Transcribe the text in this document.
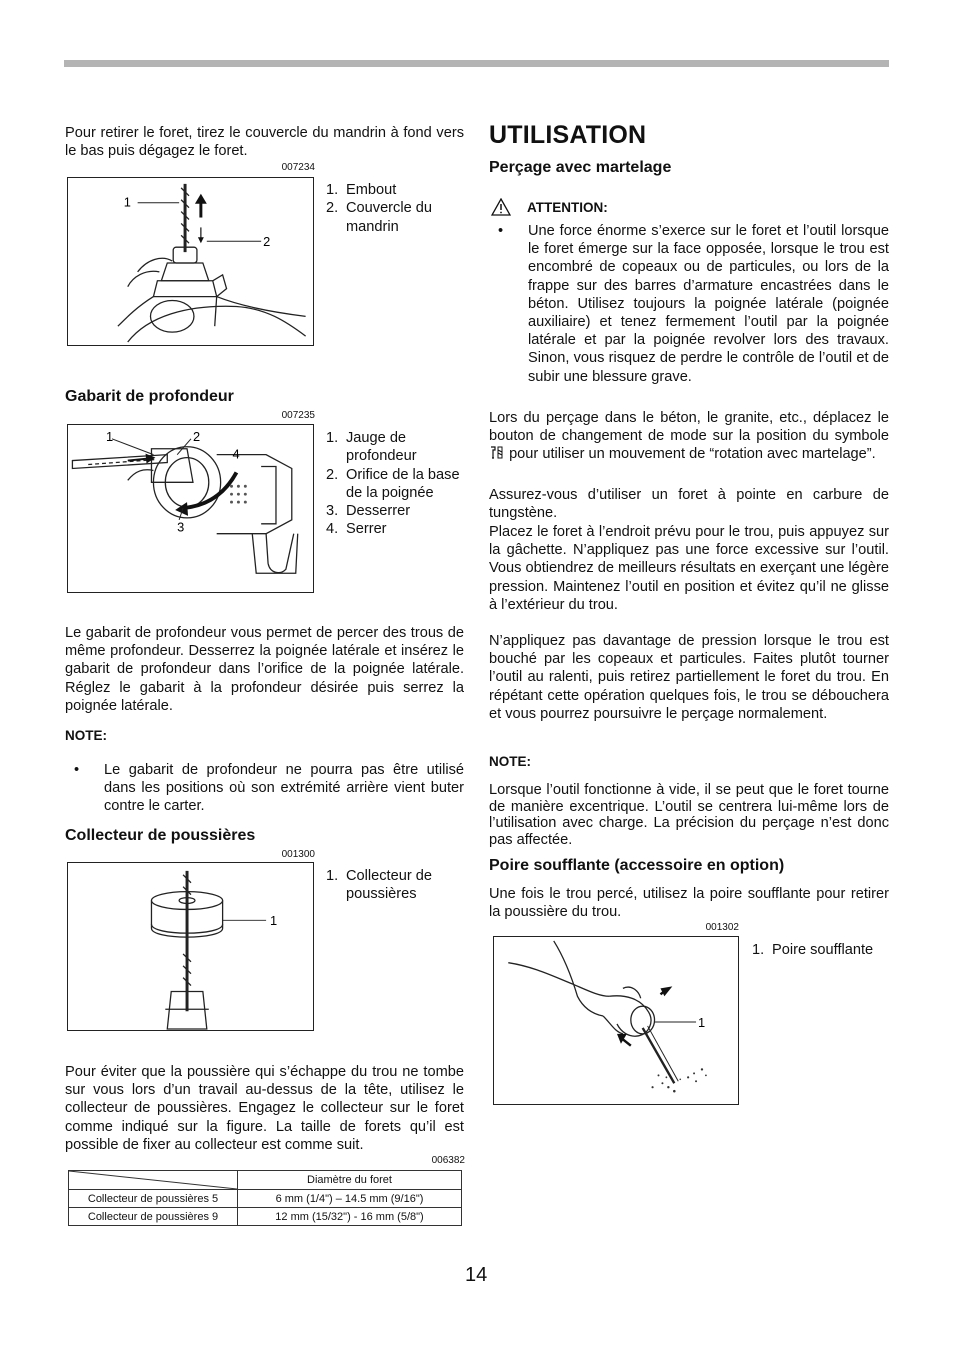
Pour retirer le foret, tirez le couvercle du mandrin à fond vers le bas puis dégagez le foret.

007234
1
2
1. Embout
2. Couvercle du mandrin
Gabarit de profondeur
007235
1	2
3
4
1. Jauge de profondeur
2. Orifice de la base de la poignée
3. Desserrer
4. Serrer

Le gabarit de profondeur vous permet de percer des trous de même profondeur. Desserrez la poignée latérale et insérez le gabarit de profondeur dans l’orifice de la poignée latérale. Réglez le gabarit à la profondeur désirée puis serrez la poignée latérale.

NOTE:
• Le gabarit de profondeur ne pourra pas être utilisé dans les positions où son extrémité arrière vient buter contre le carter.
Collecteur de poussières
001300
1
1. Collecteur de poussières

Pour éviter que la poussière qui s’échappe du trou ne tombe sur vous lors d’un travail au-dessus de la tête, utilisez le collecteur de poussières. Engagez le collecteur sur le foret comme indiqué sur la figure. La taille de forets qu’il est possible de fixer au collecteur est comme suit.

006382
	Diamètre du foret
Collecteur de poussières 5	6 mm (1/4") – 14.5 mm (9/16")
Collecteur de poussières 9	12 mm (15/32") - 16 mm (5/8")
UTILISATION
Perçage avec martelage
ATTENTION:
• Une force énorme s’exerce sur le foret et l’outil lorsque le foret émerge sur la face opposée, lorsque le trou est encombré de copeaux ou de particules, ou lors de la frappe sur des barres d’armature encastrées dans le béton. Utilisez toujours la poignée latérale (poignée auxiliaire) et tenez fermement l’outil par la poignée latérale et par la poignée revolver lors des travaux. Sinon, vous risquez de perdre le contrôle de l’outil et de subir une blessure grave.

Lors du perçage dans le béton, le granite, etc., déplacez le bouton de changement de mode sur la position du symbole  pour utiliser un mouvement de “rotation avec martelage”.

Assurez-vous d’utiliser un foret à pointe en carbure de tungstène.

Placez le foret à l’endroit prévu pour le trou, puis appuyez sur la gâchette. N’appliquez pas une force excessive sur l’outil. Vous obtiendrez de meilleurs résultats en exerçant une légère pression. Maintenez l’outil en position et évitez qu’il ne glisse à l’extérieur du trou.

N’appliquez pas davantage de pression lorsque le trou est bouché par les copeaux et particules. Faites plutôt tourner l’outil au ralenti, puis retirez partiellement le foret du trou. En répétant cette opération quelques fois, le trou se débouchera et vous pourrez poursuivre le perçage normalement.

NOTE:

Lorsque l’outil fonctionne à vide, il se peut que le foret tourne de manière excentrique. L’outil se centrera lui-même lors de l’utilisation avec charge. La précision du perçage n’est donc pas affectée.

Poire soufflante (accessoire en option)

Une fois le trou percé, utilisez la poire soufflante pour retirer la poussière du trou.

001302
1
1. Poire soufflante
14
